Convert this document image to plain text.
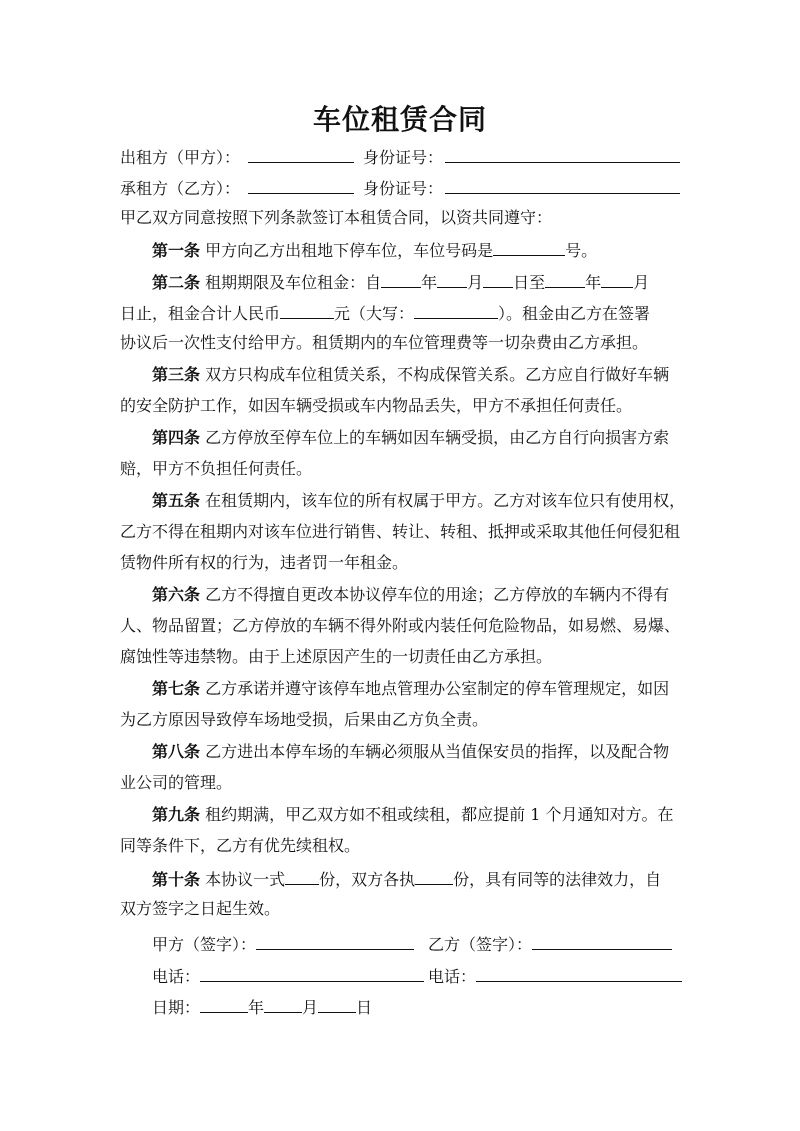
车位租赁合同
出租方（甲方）：	身份证号：
承租方（乙方）：	身份证号：
甲乙双方同意按照下列条款签订本租赁合同，以资共同遵守：
第一条 甲方向乙方出租地下停车位，车位号码是	号。
第二条 租期期限及车位租金：自	年 月 日至	年 月
日止，租金合计人民币	元（大写：	）。租金由乙方在签署
协议后一次性支付给甲方。租赁期内的车位管理费等一切杂费由乙方承担。
第三条 双方只构成车位租赁关系，不构成保管关系。乙方应自行做好车辆
的安全防护工作，如因车辆受损或车内物品丢失，甲方不承担任何责任。
第四条 乙方停放至停车位上的车辆如因车辆受损，由乙方自行向损害方索
赔，甲方不负担任何责任。
第五条 在租赁期内，该车位的所有权属于甲方。乙方对该车位只有使用权，
乙方不得在租期内对该车位进行销售、转让、转租、抵押或采取其他任何侵犯租
赁物件所有权的行为，违者罚一年租金。
第六条 乙方不得擅自更改本协议停车位的用途；乙方停放的车辆内不得有
人、物品留置；乙方停放的车辆不得外附或内装任何危险物品，如易燃、易爆、
腐蚀性等违禁物。由于上述原因产生的一切责任由乙方承担。
第七条 乙方承诺并遵守该停车地点管理办公室制定的停车管理规定，如因
为乙方原因导致停车场地受损，后果由乙方负全责。
第八条 乙方进出本停车场的车辆必须服从当值保安员的指挥，以及配合物
业公司的管理。
第九条 租约期满，甲乙双方如不租或续租，都应提前 1 个月通知对方。在
同等条件下，乙方有优先续租权。
第十条 本协议一式 份，双方各执 份，具有同等的法律效力，自
双方签字之日起生效。
甲方（签字）：	乙方（签字）：
电话：	电话：
日期：	年 月 日
